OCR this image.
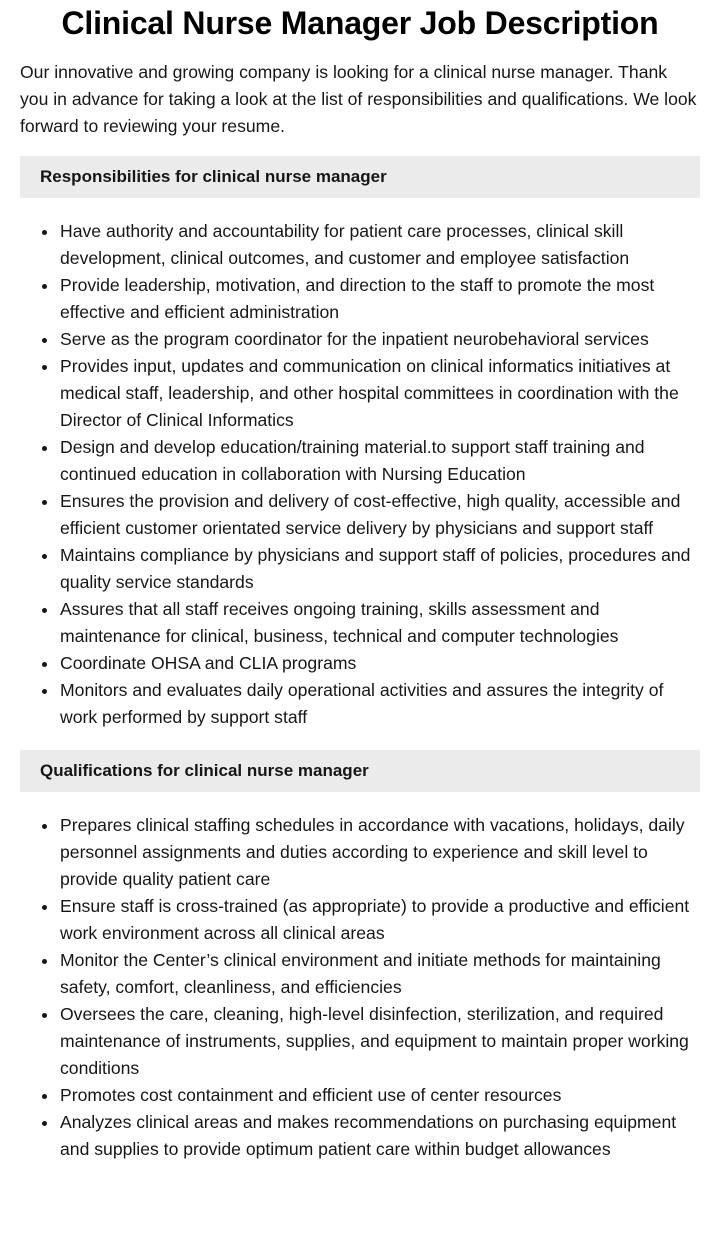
Clinical Nurse Manager Job Description

Our innovative and growing company is looking for a clinical nurse manager. Thank you in advance for taking a look at the list of responsibilities and qualifications. We look forward to reviewing your resume.

Responsibilities for clinical nurse manager
Have authority and accountability for patient care processes, clinical skill development, clinical outcomes, and customer and employee satisfaction
Provide leadership, motivation, and direction to the staff to promote the most effective and efficient administration
Serve as the program coordinator for the inpatient neurobehavioral services
Provides input, updates and communication on clinical informatics initiatives at medical staff, leadership, and other hospital committees in coordination with the Director of Clinical Informatics
Design and develop education/training material.to support staff training and continued education in collaboration with Nursing Education
Ensures the provision and delivery of cost-effective, high quality, accessible and efficient customer orientated service delivery by physicians and support staff
Maintains compliance by physicians and support staff of policies, procedures and quality service standards
Assures that all staff receives ongoing training, skills assessment and maintenance for clinical, business, technical and computer technologies
Coordinate OHSA and CLIA programs
Monitors and evaluates daily operational activities and assures the integrity of work performed by support staff
Qualifications for clinical nurse manager
Prepares clinical staffing schedules in accordance with vacations, holidays, daily personnel assignments and duties according to experience and skill level to provide quality patient care
Ensure staff is cross-trained (as appropriate) to provide a productive and efficient work environment across all clinical areas
Monitor the Center’s clinical environment and initiate methods for maintaining safety, comfort, cleanliness, and efficiencies
Oversees the care, cleaning, high-level disinfection, sterilization, and required maintenance of instruments, supplies, and equipment to maintain proper working conditions
Promotes cost containment and efficient use of center resources
Analyzes clinical areas and makes recommendations on purchasing equipment and supplies to provide optimum patient care within budget allowances
